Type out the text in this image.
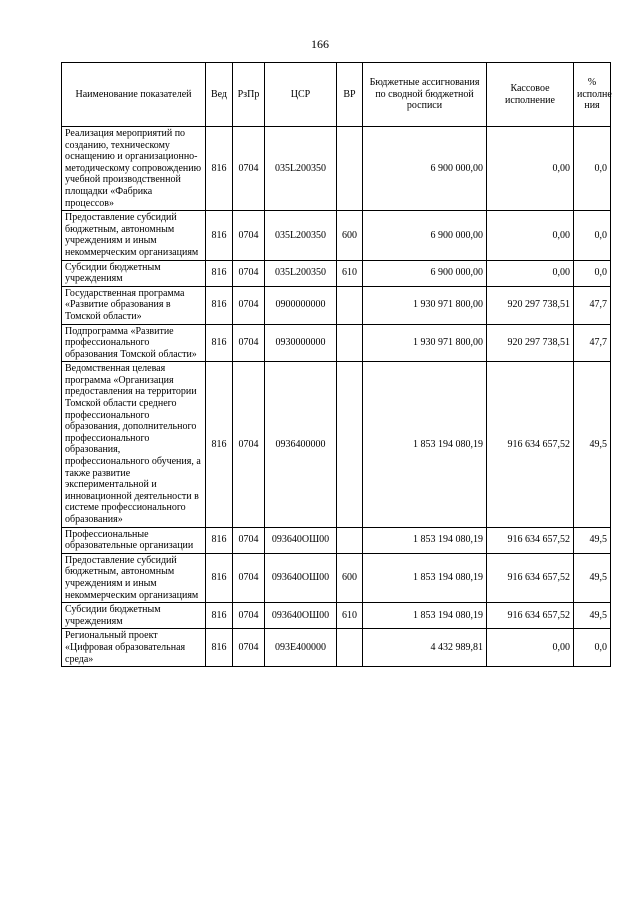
166
Наименование показателей	Вед	РзПр	ЦСР	ВР	Бюджетные ассигнования по сводной бюджетной росписи	Кассовое исполнение	% исполне ния
Реализация мероприятий по созданию, техническому оснащению и организационно-методическому сопровождению учебной производственной площадки «Фабрика процессов»	816	0704	035L200350		6 900 000,00	0,00	0,0
Предоставление субсидий бюджетным, автономным учреждениям и иным некоммерческим организациям	816	0704	035L200350	600	6 900 000,00	0,00	0,0
Субсидии бюджетным учреждениям	816	0704	035L200350	610	6 900 000,00	0,00	0,0
Государственная программа «Развитие образования в Томской области»	816	0704	0900000000		1 930 971 800,00	920 297 738,51	47,7
Подпрограмма «Развитие профессионального образования Томской области»	816	0704	0930000000		1 930 971 800,00	920 297 738,51	47,7
Ведомственная целевая программа «Организация предоставления на территории Томской области среднего профессионального образования, дополнительного профессионального образования, профессионального обучения, а также развитие экспериментальной и инновационной деятельности в системе профессионального образования»	816	0704	0936400000		1 853 194 080,19	916 634 657,52	49,5
Профессиональные образовательные организации	816	0704	093640ОШ00		1 853 194 080,19	916 634 657,52	49,5
Предоставление субсидий бюджетным, автономным учреждениям и иным некоммерческим организациям	816	0704	093640ОШ00	600	1 853 194 080,19	916 634 657,52	49,5
Субсидии бюджетным учреждениям	816	0704	093640ОШ00	610	1 853 194 080,19	916 634 657,52	49,5
Региональный проект «Цифровая образовательная среда»	816	0704	093E400000		4 432 989,81	0,00	0,0
